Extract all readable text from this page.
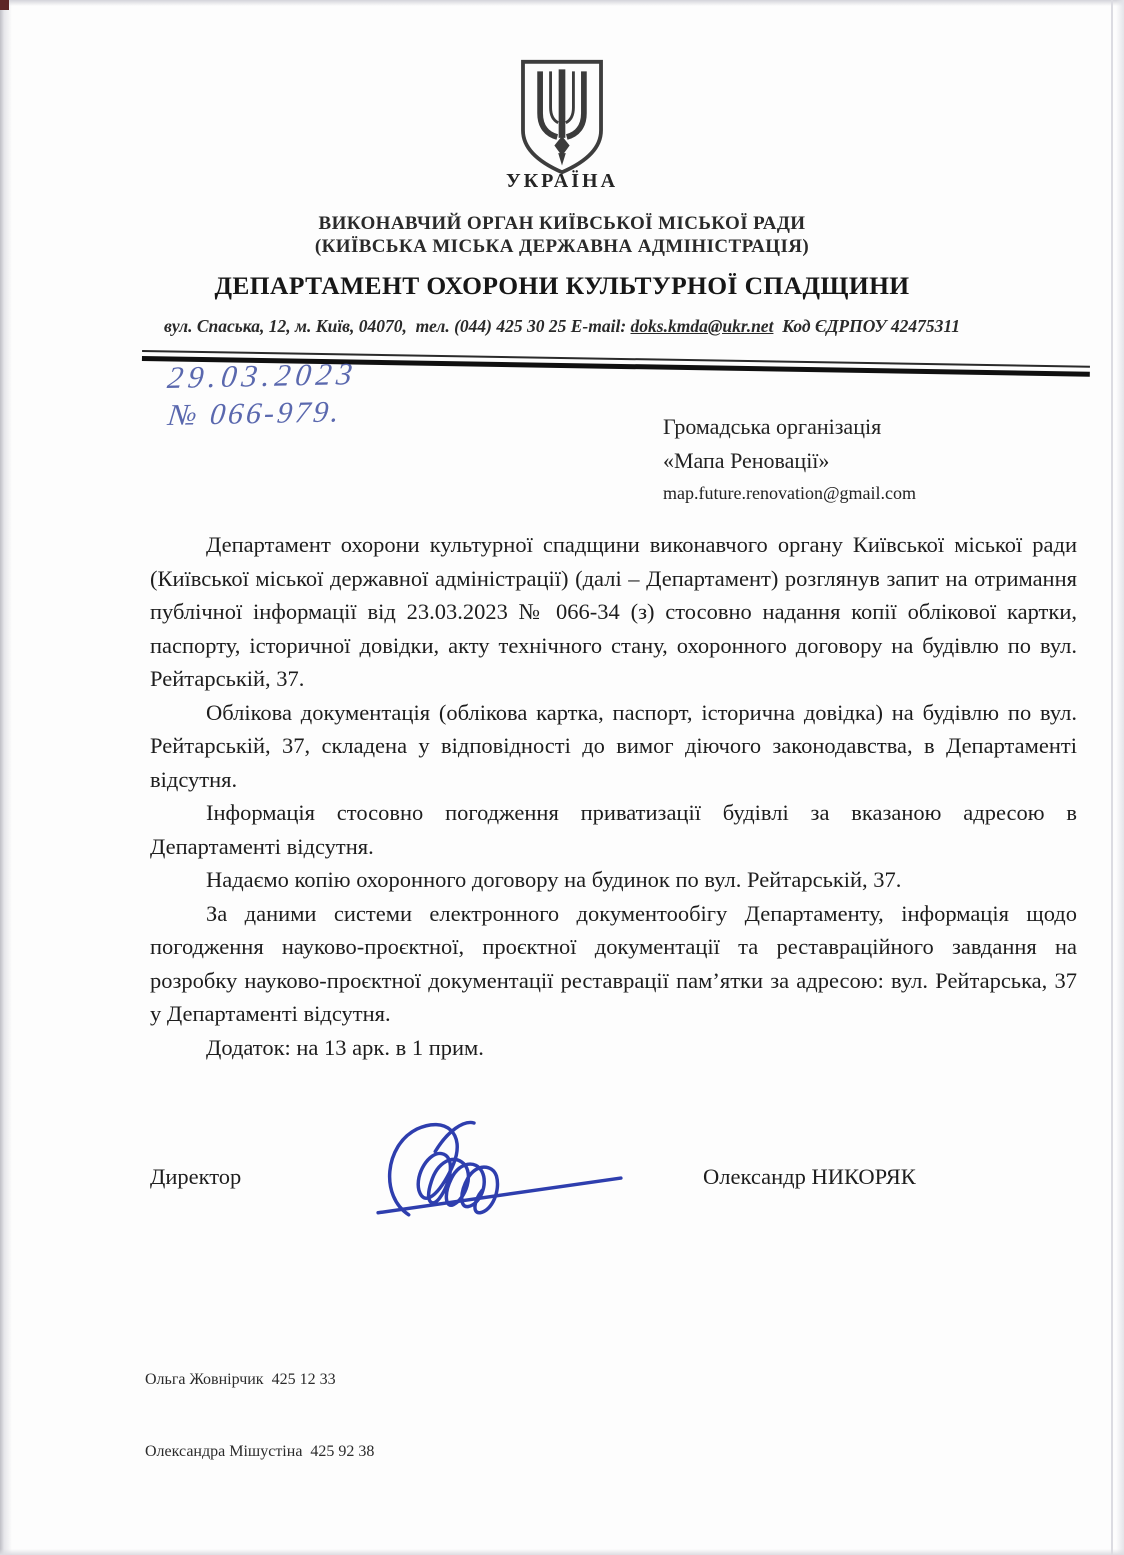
УКРАЇНА
ВИКОНАВЧИЙ ОРГАН КИЇВСЬКОЇ МІСЬКОЇ РАДИ
(КИЇВСЬКА МІСЬКА ДЕРЖАВНА АДМІНІСТРАЦІЯ)
ДЕПАРТАМЕНТ ОХОРОНИ КУЛЬТУРНОЇ СПАДЩИНИ
вул. Спаська, 12, м. Київ, 04070,  тел. (044) 425 30 25 E-mail: doks.kmda@ukr.net  Код ЄДРПОУ 42475311
29.03.2023
№ 066-979.	Громадська організація
«Мапа Реновації»
map.future.renovation@gmail.com

Департамент охорони культурної спадщини виконавчого органу Київської міської ради (Київської міської державної адміністрації) (далі – Департамент) розглянув запит на отримання публічної інформації від 23.03.2023 № 066-34 (з) стосовно надання копії облікової картки, паспорту, історичної довідки, акту технічного стану, охоронного договору на будівлю по вул. Рейтарській, 37.

Облікова документація (облікова картка, паспорт, історична довідка) на будівлю по вул. Рейтарській, 37, складена у відповідності до вимог діючого законодавства, в Департаменті відсутня.

Інформація стосовно погодження приватизації будівлі за вказаною адресою в Департаменті відсутня.

Надаємо копію охоронного договору на будинок по вул. Рейтарській, 37.

За даними системи електронного документообігу Департаменту, інформація щодо погодження науково-проєктної, проєктної документації та реставраційного завдання на розробку науково-проєктної документації реставрації пам’ятки за адресою: вул. Рейтарська, 37 у Департаменті відсутня.

Додаток: на 13 арк. в 1 прим.

Директор	Олександр НИКОРЯК

Ольга Жовнірчик  425 12 33

Олександра Мішустіна  425 92 38
